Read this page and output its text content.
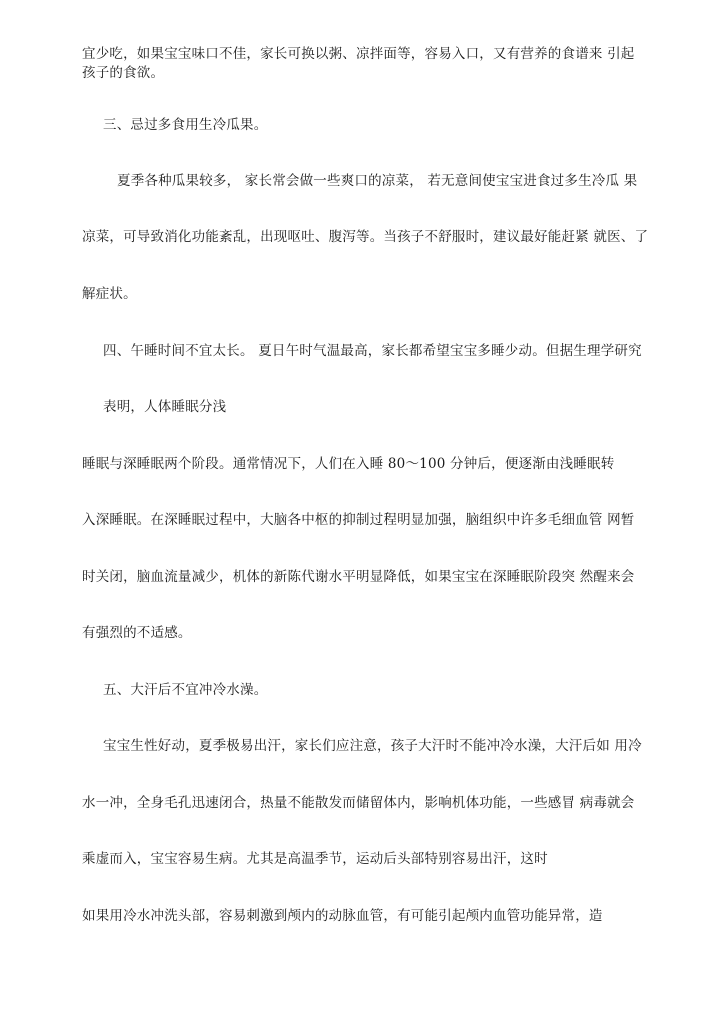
宜少吃，如果宝宝味口不佳，家长可换以粥、凉拌面等，容易入口，又有营养的食谱来 引起
孩子的食欲。
三、忌过多食用生冷瓜果。
夏季各种瓜果较多， 家长常会做一些爽口的凉菜， 若无意间使宝宝进食过多生冷瓜 果
凉菜，可导致消化功能紊乱，出现呕吐、腹泻等。当孩子不舒服时，建议最好能赶紧 就医、了
解症状。
四、午睡时间不宜太长。 夏日午时气温最高，家长都希望宝宝多睡少动。但据生理学研究
表明，人体睡眠分浅
睡眠与深睡眠两个阶段。通常情况下，人们在入睡 80～100 分钟后，便逐渐由浅睡眠转
入深睡眠。在深睡眠过程中，大脑各中枢的抑制过程明显加强，脑组织中许多毛细血管 网暂
时关闭，脑血流量减少，机体的新陈代谢水平明显降低，如果宝宝在深睡眠阶段突 然醒来会
有强烈的不适感。
五、大汗后不宜冲冷水澡。
宝宝生性好动，夏季极易出汗，家长们应注意，孩子大汗时不能冲冷水澡，大汗后如 用冷
水一冲，全身毛孔迅速闭合，热量不能散发而储留体内，影响机体功能，一些感冒 病毒就会
乘虚而入，宝宝容易生病。尤其是高温季节，运动后头部特别容易出汗，这时
如果用冷水冲洗头部，容易刺激到颅内的动脉血管，有可能引起颅内血管功能异常，造
